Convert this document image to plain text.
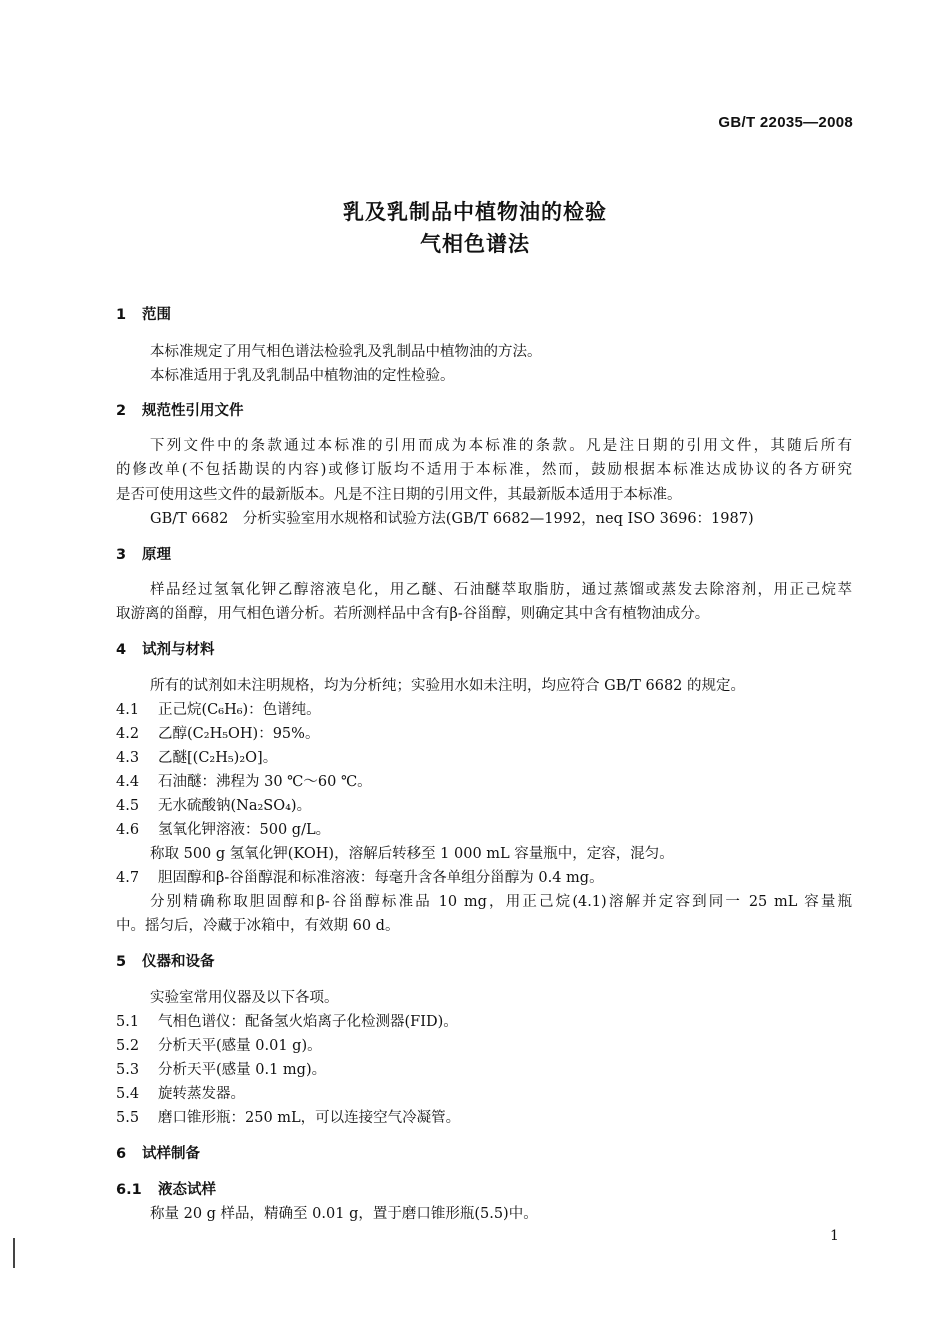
GB/T 22035—2008
乳及乳制品中植物油的检验
气相色谱法
1 范围
本标准规定了用气相色谱法检验乳及乳制品中植物油的方法。
本标准适用于乳及乳制品中植物油的定性检验。
2 规范性引用文件
下列文件中的条款通过本标准的引用而成为本标准的条款。凡是注日期的引用文件，其随后所有
的修改单(不包括勘误的内容)或修订版均不适用于本标准，然而，鼓励根据本标准达成协议的各方研究
是否可使用这些文件的最新版本。凡是不注日期的引用文件，其最新版本适用于本标准。
GB/T 6682　分析实验室用水规格和试验方法(GB/T 6682—1992，neq ISO 3696：1987)
3 原理
样品经过氢氧化钾乙醇溶液皂化，用乙醚、石油醚萃取脂肪，通过蒸馏或蒸发去除溶剂，用正己烷萃
取游离的甾醇，用气相色谱分析。若所测样品中含有β-谷甾醇，则确定其中含有植物油成分。
4 试剂与材料
所有的试剂如未注明规格，均为分析纯；实验用水如未注明，均应符合 GB/T 6682 的规定。
4.1 正己烷(C₆H₆)：色谱纯。
4.2 乙醇(C₂H₅OH)：95%。
4.3 乙醚[(C₂H₅)₂O]。
4.4 石油醚：沸程为 30 ℃～60 ℃。
4.5 无水硫酸钠(Na₂SO₄)。
4.6 氢氧化钾溶液：500 g/L。
称取 500 g 氢氧化钾(KOH)，溶解后转移至 1 000 mL 容量瓶中，定容，混匀。
4.7 胆固醇和β-谷甾醇混和标准溶液：每毫升含各单组分甾醇为 0.4 mg。
分别精确称取胆固醇和β-谷甾醇标准品 10 mg，用正己烷(4.1)溶解并定容到同一 25 mL 容量瓶
中。摇匀后，冷藏于冰箱中，有效期 60 d。
5 仪器和设备
实验室常用仪器及以下各项。
5.1 气相色谱仪：配备氢火焰离子化检测器(FID)。
5.2 分析天平(感量 0.01 g)。
5.3 分析天平(感量 0.1 mg)。
5.4 旋转蒸发器。
5.5 磨口锥形瓶：250 mL，可以连接空气冷凝管。
6 试样制备
6.1 液态试样
称量 20 g 样品，精确至 0.01 g，置于磨口锥形瓶(5.5)中。
1
